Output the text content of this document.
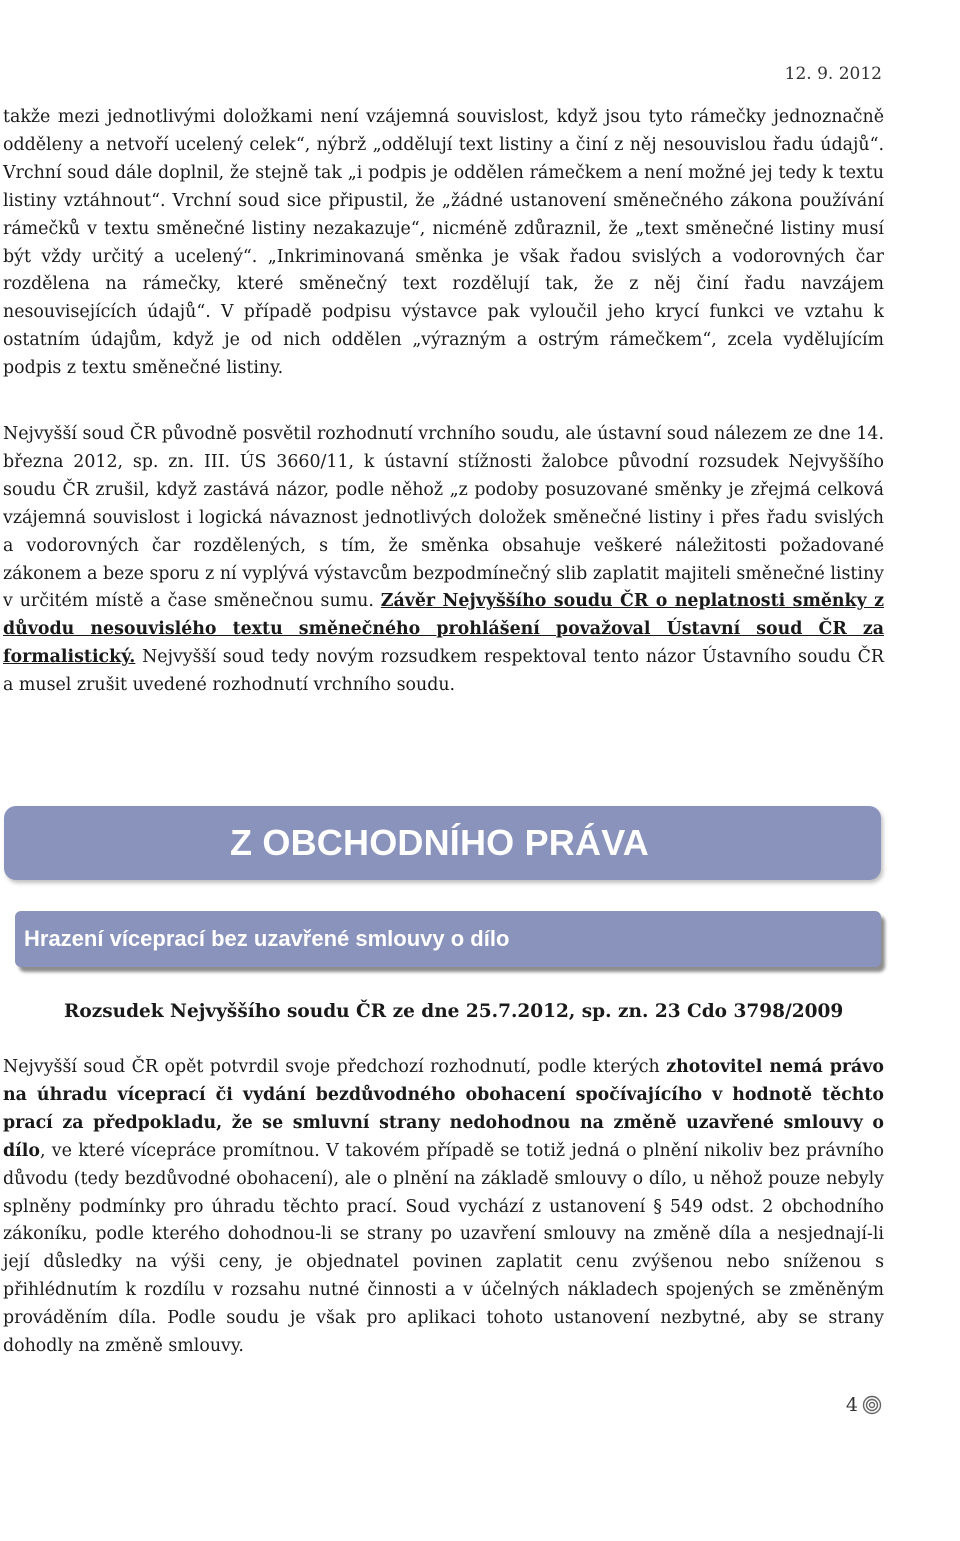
12. 9. 2012

takže mezi jednotlivými doložkami není vzájemná souvislost, když jsou tyto rámečky jednoznačně odděleny a netvoří ucelený celek“, nýbrž „oddělují text listiny a činí z něj nesouvislou řadu údajů“. Vrchní soud dále doplnil, že stejně tak „i podpis je oddělen rámečkem a není možné jej tedy k textu listiny vztáhnout“. Vrchní soud sice připustil, že „žádné ustanovení směnečného zákona používání rámečků v textu směnečné listiny nezakazuje“, nicméně zdůraznil, že „text směnečné listiny musí být vždy určitý a ucelený“. „Inkriminovaná směnka je však řadou svislých a vodorovných čar rozdělena na rámečky, které směnečný text rozdělují tak, že z něj činí řadu navzájem nesouvisejících údajů“. V případě podpisu výstavce pak vyloučil jeho krycí funkci ve vztahu k ostatním údajům, když je od nich oddělen „výrazným a ostrým rámečkem“, zcela vydělujícím podpis z textu směnečné listiny.

Nejvyšší soud ČR původně posvětil rozhodnutí vrchního soudu, ale ústavní soud nálezem ze dne 14. března 2012, sp. zn. III. ÚS 3660/11, k ústavní stížnosti žalobce původní rozsudek Nejvyššího soudu ČR zrušil, když zastává názor, podle něhož „z podoby posuzované směnky je zřejmá celková vzájemná souvislost i logická návaznost jednotlivých doložek směnečné listiny i přes řadu svislých a vodorovných čar rozdělených, s tím, že směnka obsahuje veškeré náležitosti požadované zákonem a beze sporu z ní vyplývá výstavcům bezpodmínečný slib zaplatit majiteli směnečné listiny v určitém místě a čase směnečnou sumu. Závěr Nejvyššího soudu ČR o neplatnosti směnky z důvodu nesouvislého textu směnečného prohlášení považoval Ústavní soud ČR za formalistický. Nejvyšší soud tedy novým rozsudkem respektoval tento názor Ústavního soudu ČR a musel zrušit uvedené rozhodnutí vrchního soudu.

Z OBCHODNÍHO PRÁVA
Hrazení víceprací bez uzavřené smlouvy o dílo
Rozsudek Nejvyššího soudu ČR ze dne 25.7.2012, sp. zn. 23 Cdo 3798/2009

Nejvyšší soud ČR opět potvrdil svoje předchozí rozhodnutí, podle kterých zhotovitel nemá právo na úhradu víceprací či vydání bezdůvodného obohacení spočívajícího v hodnotě těchto prací za předpokladu, že se smluvní strany nedohodnou na změně uzavřené smlouvy o dílo, ve které vícepráce promítnou. V takovém případě se totiž jedná o plnění nikoliv bez právního důvodu (tedy bezdůvodné obohacení), ale o plnění na základě smlouvy o dílo, u něhož pouze nebyly splněny podmínky pro úhradu těchto prací. Soud vychází z ustanovení § 549 odst. 2 obchodního zákoníku, podle kterého dohodnou-li se strany po uzavření smlouvy na změně díla a nesjednají-li její důsledky na výši ceny, je objednatel povinen zaplatit cenu zvýšenou nebo sníženou s přihlédnutím k rozdílu v rozsahu nutné činnosti a v účelných nákladech spojených se změněným prováděním díla. Podle soudu je však pro aplikaci tohoto ustanovení nezbytné, aby se strany dohodly na změně smlouvy.

4
